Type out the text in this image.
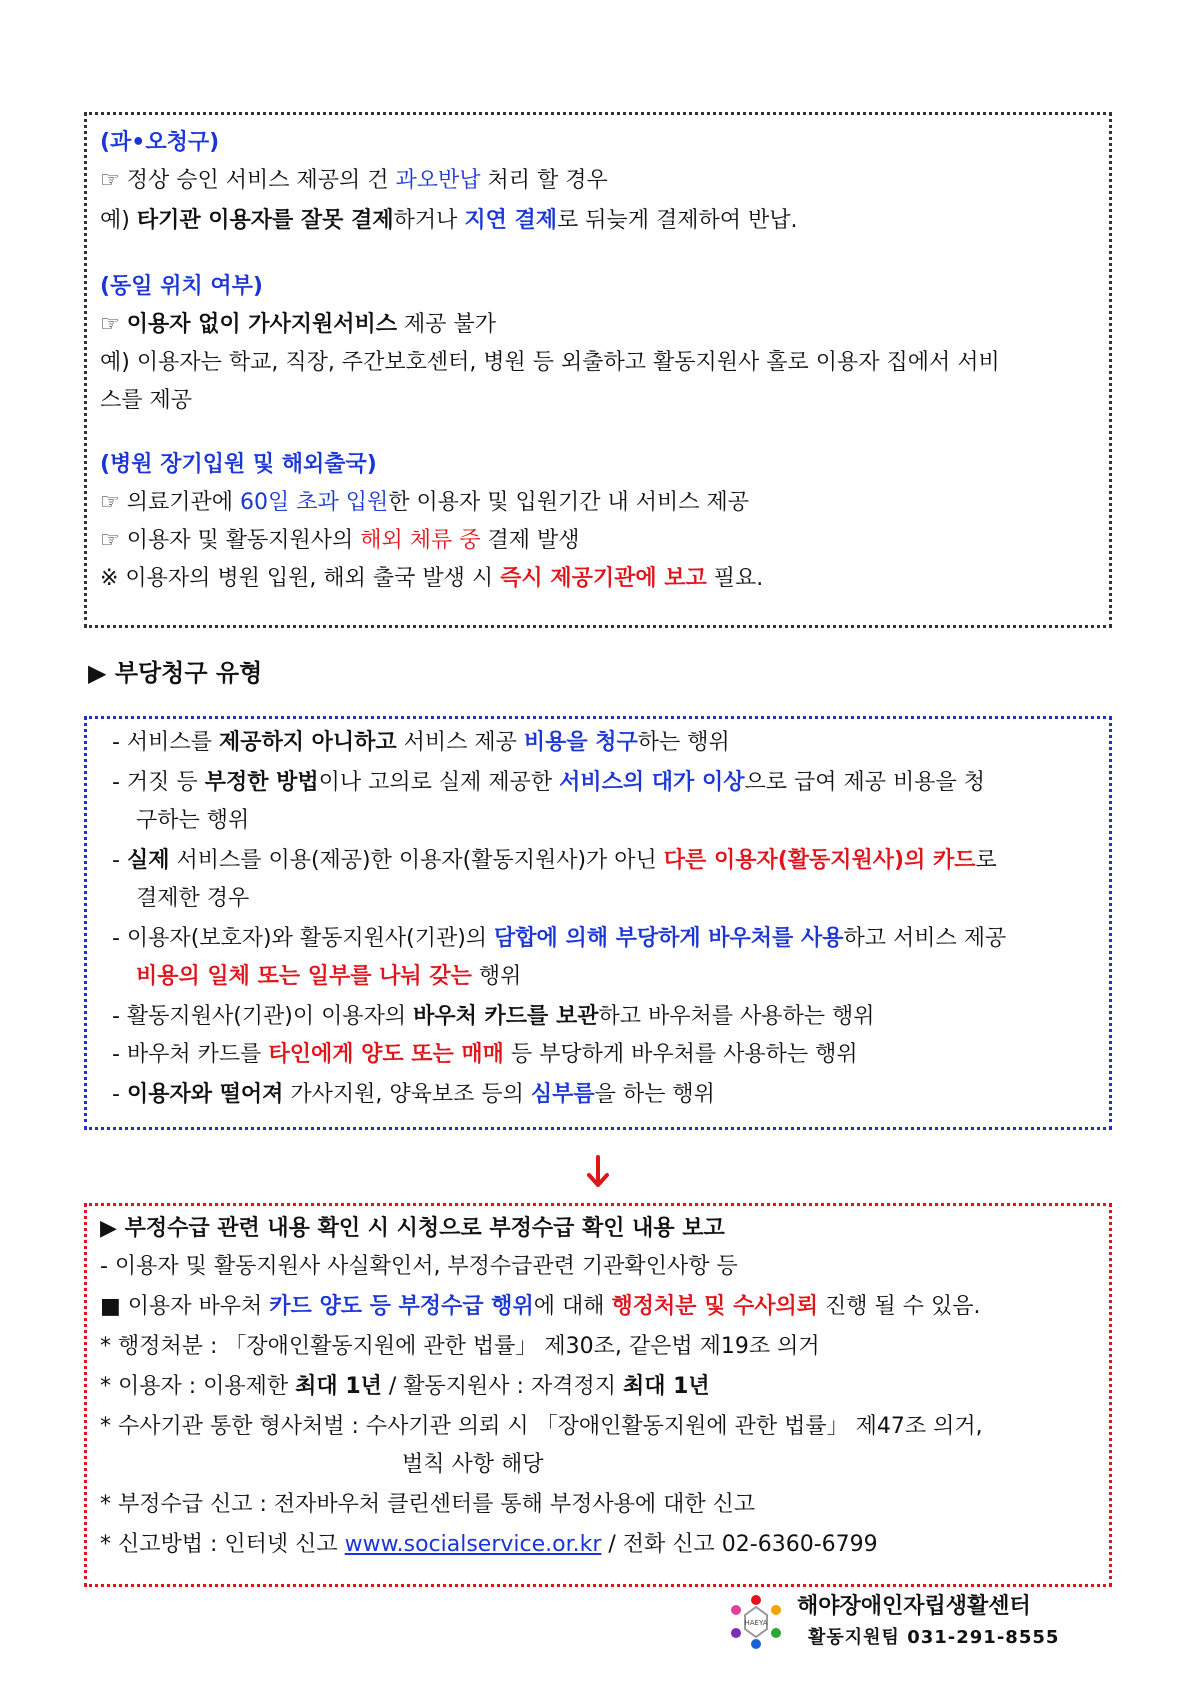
(과•오청구)
☞ 정상 승인 서비스 제공의 건 과오반납 처리 할 경우
예) 타기관 이용자를 잘못 결제하거나 지연 결제로 뒤늦게 결제하여 반납.
(동일 위치 여부)
☞ 이용자 없이 가사지원서비스 제공 불가
예) 이용자는 학교, 직장, 주간보호센터, 병원 등 외출하고 활동지원사 홀로 이용자 집에서 서비
스를 제공
(병원 장기입원 및 해외출국)
☞ 의료기관에 60일 초과 입원한 이용자 및 입원기간 내 서비스 제공
☞ 이용자 및 활동지원사의 해외 체류 중 결제 발생
※ 이용자의 병원 입원, 해외 출국 발생 시 즉시 제공기관에 보고 필요.
▶ 부당청구 유형
- 서비스를 제공하지 아니하고 서비스 제공 비용을 청구하는 행위
- 거짓 등 부정한 방법이나 고의로 실제 제공한 서비스의 대가 이상으로 급여 제공 비용을 청
구하는 행위
- 실제 서비스를 이용(제공)한 이용자(활동지원사)가 아닌 다른 이용자(활동지원사)의 카드로
결제한 경우
- 이용자(보호자)와 활동지원사(기관)의 담합에 의해 부당하게 바우처를 사용하고 서비스 제공
비용의 일체 또는 일부를 나눠 갖는 행위
- 활동지원사(기관)이 이용자의 바우처 카드를 보관하고 바우처를 사용하는 행위
- 바우처 카드를 타인에게 양도 또는 매매 등 부당하게 바우처를 사용하는 행위
- 이용자와 떨어져 가사지원, 양육보조 등의 심부름을 하는 행위
▶ 부정수급 관련 내용 확인 시 시청으로 부정수급 확인 내용 보고
- 이용자 및 활동지원사 사실확인서, 부정수급관련 기관확인사항 등
■ 이용자 바우처 카드 양도 등 부정수급 행위에 대해 행정처분 및 수사의뢰 진행 될 수 있음.
* 행정처분 : 「장애인활동지원에 관한 법률」 제30조, 같은법 제19조 의거
* 이용자 : 이용제한 최대 1년 / 활동지원사 : 자격정지 최대 1년
* 수사기관 통한 형사처벌 : 수사기관 의뢰 시 「장애인활동지원에 관한 법률」 제47조 의거,
벌칙 사항 해당
* 부정수급 신고 : 전자바우처 클린센터를 통해 부정사용에 대한 신고
* 신고방법 : 인터넷 신고 www.socialservice.or.kr / 전화 신고 02-6360-6799
HAEYA
해야장애인자립생활센터
활동지원팀 031-291-8555
